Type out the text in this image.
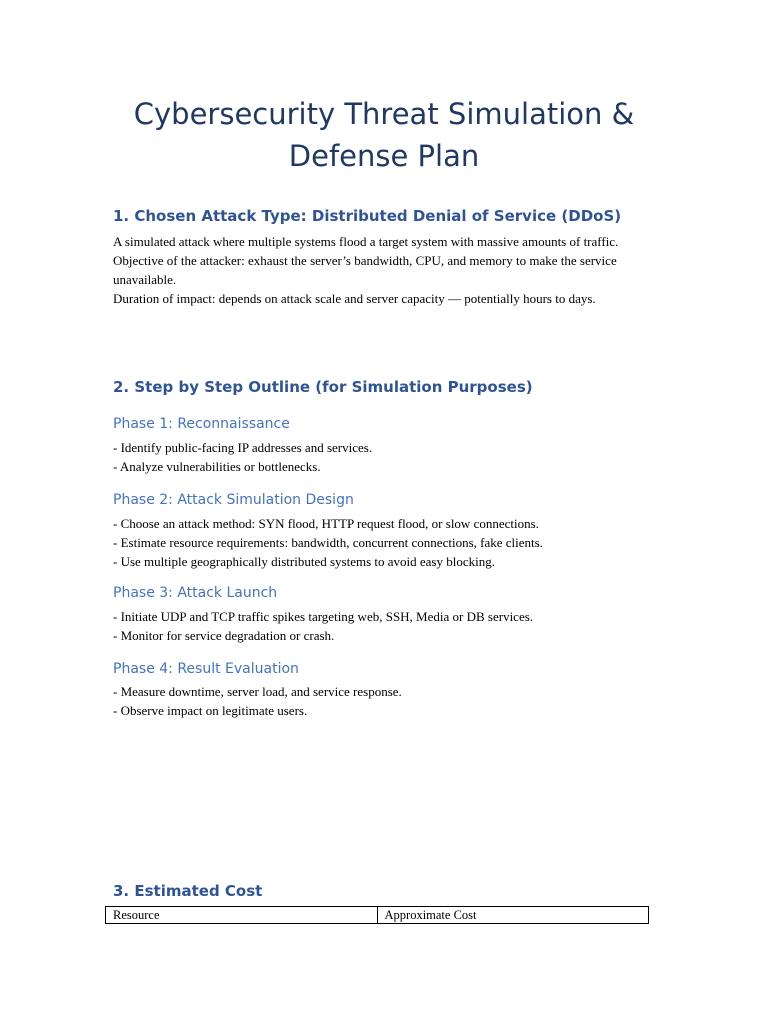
Cybersecurity Threat Simulation & Defense Plan
1. Chosen Attack Type: Distributed Denial of Service (DDoS)

A simulated attack where multiple systems flood a target system with massive amounts of traffic.

Objective of the attacker: exhaust the server’s bandwidth, CPU, and memory to make the service unavailable.

Duration of impact: depends on attack scale and server capacity — potentially hours to days.

2. Step by Step Outline (for Simulation Purposes)
Phase 1: Reconnaissance
- Identify public-facing IP addresses and services.
- Analyze vulnerabilities or bottlenecks.
Phase 2: Attack Simulation Design
- Choose an attack method: SYN flood, HTTP request flood, or slow connections.
- Estimate resource requirements: bandwidth, concurrent connections, fake clients.
- Use multiple geographically distributed systems to avoid easy blocking.
Phase 3: Attack Launch
- Initiate UDP and TCP traffic spikes targeting web, SSH, Media or DB services.
- Monitor for service degradation or crash.
Phase 4: Result Evaluation
- Measure downtime, server load, and service response.
- Observe impact on legitimate users.
3. Estimated Cost
Resource	Approximate Cost
